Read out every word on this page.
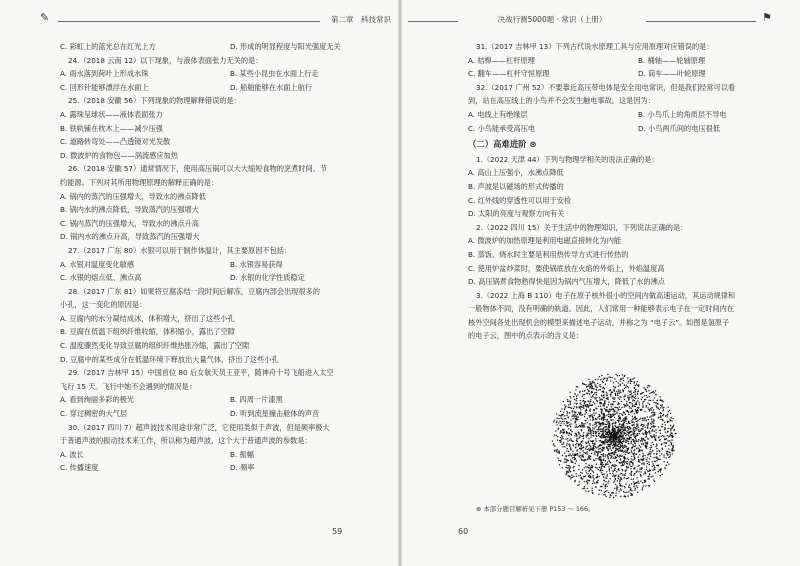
✎	第二章　科技常识
C. 彩虹上的蓝光总在红光上方	D. 形成的明显程度与阳光强度无关
24.（2018 云南 12）以下现象，与液体表面张力无关的是：
A. 雨水落到荷叶上形成水珠	B. 某些小昆虫在水面上行走
C. 回形针能够漂浮在水面上	D. 船舶能够在水面上航行
25.（2018 安徽 56）下列现象的物理解释错误的是：
A. 露珠呈球状——液体表面张力
B. 铁轨铺在枕木上——减少压强
C. 道路转弯处——凸透镜对光发散
D. 微波炉的食物包——涡流感应加热
26.（2018 安徽 57）通常情况下，使用高压锅可以大大缩短食物的烹煮时间。节
约能源。下列对其所用物理原理的解释正确的是：
A. 锅内的蒸汽的压强增大，导致水的沸点降低
B. 锅内水的沸点降低，导致蒸汽的压强增大
C. 锅内蒸汽的压强增大，导致水的沸点升高
D. 锅内水的沸点升高，导致蒸汽的压强增大
27.（2017 广东 80）水银可以用于制作体温计，其主要原因不包括：
A. 水银对温度变化敏感	B. 水银容易获得
C. 水银的熔点低、沸点高	D. 水银的化学性质稳定
28.（2017 广东 81）如果将豆腐冻结一段时间后解冻，豆腐内部会出现很多的
小孔，这一变化的原因是：
A. 豆腐内的水分凝结成冰，体积增大，挤出了这些小孔
B. 豆腐在低温下组织纤维收缩，体积缩小，露出了空隙
C. 温度骤然变化导致豆腐的组织纤维热胀冷缩，露出了空隙
D. 豆腐中的某些成分在低温环境下释放出大量气体，挤出了这些小孔
29.（2017 吉林甲 15）中国首位 80 后女航天员王亚平，随神舟十号飞船进入太空
飞行 15 天。飞行中她不会遇到的情况是：
A. 看到绚丽多彩的极光	B. 四周一片漆黑
C. 穿过稠密的大气层	D. 听到流星撞击舱体的声音
30.（2017 四川 7）超声波技术用途非常广泛，它使用类似于声波，但是频率极大
于普通声波的振动技术来工作，所以称为超声波，这个大于普通声波的参数是：
A. 波长	B. 振幅
C. 传播速度	D. 频率
59
决战行测5000题 · 常识（上册）	⚑
31.（2017 吉林甲 13）下列古代说水原理工具与应用原理对应错误的是：
A. 桔槔——杠杆原理	B. 桶轴——轮轴原理
C. 翻车——杠杆守恒原理	D. 筒车——叶轮原理
32.（2017 广州 52）不要靠近高压带电体是安全用电常识，但是我们经常可以看
到，站在高压线上的小鸟并不会发生触电事故。这是因为：
A. 电线上有绝缘层	B. 小鸟爪上的角质层不导电
C. 小鸟能承受高压电	D. 小鸟两爪间的电压很低
（二）高难进阶 ⊛
1.（2022 天津 44）下列与物理学相关的说法正确的是：
A. 高山上压强小，水沸点降低
B. 声波是以磁场的形式传播的
C. 红外线的穿透性可以用于安检
D. 太阳的亮度与观察方向有关
2.（2022 四川 15）关于生活中的物理知识，下列说法正确的是：
A. 微波炉的加热原理是利用电磁直接转化为内能
B. 蒸饭、烧水时主要是利用热传导方式进行传热的
C. 使用炉盆炒菜时，要使锅底放在火焰的外焰上，外焰温度高
D. 高压锅煮食物熟得快是因为锅内气压增大，降低了水的沸点
3.（2022 上海 B 110）电子在原子核外很小的空间内做高速运动，其运动规律和
一般物体不同，没有明确的轨道。因此，人们常用一种能够表示电子在一定时间内在
核外空间各处出现机会的模型来描述电子运动，并称之为 “电子云”。如图是氢原子
的电子云，图中的点表示的含义是：
⊛ 本部分题目解析见下册 P153 ～ 166。
60
